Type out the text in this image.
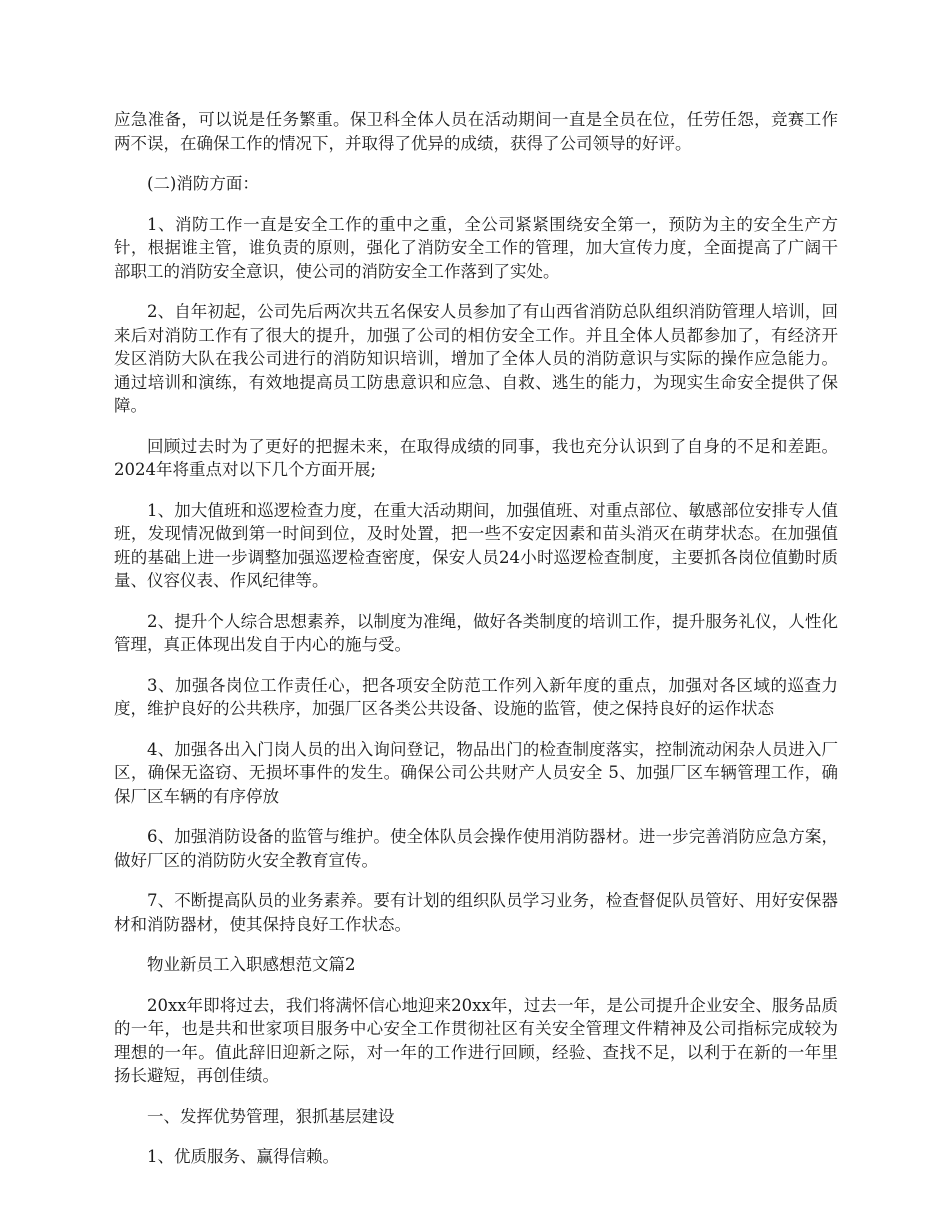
应急准备，可以说是任务繁重。保卫科全体人员在活动期间一直是全员在位，任劳任怨，竞赛工作两不误，在确保工作的情况下，并取得了优异的成绩，获得了公司领导的好评。

(二)消防方面：

1、消防工作一直是安全工作的重中之重，全公司紧紧围绕安全第一，预防为主的安全生产方针，根据谁主管，谁负责的原则，强化了消防安全工作的管理，加大宣传力度，全面提高了广阔干部职工的消防安全意识，使公司的消防安全工作落到了实处。

2、自年初起，公司先后两次共五名保安人员参加了有山西省消防总队组织消防管理人培训，回来后对消防工作有了很大的提升，加强了公司的相仿安全工作。并且全体人员都参加了，有经济开发区消防大队在我公司进行的消防知识培训，增加了全体人员的消防意识与实际的操作应急能力。通过培训和演练，有效地提高员工防患意识和应急、自救、逃生的能力，为现实生命安全提供了保障。

回顾过去时为了更好的把握未来，在取得成绩的同事，我也充分认识到了自身的不足和差距。2024年将重点对以下几个方面开展;

1、加大值班和巡逻检查力度，在重大活动期间，加强值班、对重点部位、敏感部位安排专人值班，发现情况做到第一时间到位，及时处置，把一些不安定因素和苗头消灭在萌芽状态。在加强值班的基础上进一步调整加强巡逻检查密度，保安人员24小时巡逻检查制度，主要抓各岗位值勤时质量、仪容仪表、作风纪律等。

2、提升个人综合思想素养，以制度为准绳，做好各类制度的培训工作，提升服务礼仪，人性化管理，真正体现出发自于内心的施与受。

3、加强各岗位工作责任心，把各项安全防范工作列入新年度的重点，加强对各区域的巡查力度，维护良好的公共秩序，加强厂区各类公共设备、设施的监管，使之保持良好的运作状态

4、加强各出入门岗人员的出入询问登记，物品出门的检查制度落实，控制流动闲杂人员进入厂区，确保无盗窃、无损坏事件的发生。确保公司公共财产人员安全 5、加强厂区车辆管理工作，确保厂区车辆的有序停放

6、加强消防设备的监管与维护。使全体队员会操作使用消防器材。进一步完善消防应急方案，做好厂区的消防防火安全教育宣传。

7、不断提高队员的业务素养。要有计划的组织队员学习业务，检查督促队员管好、用好安保器材和消防器材，使其保持良好工作状态。

物业新员工入职感想范文篇2

20xx年即将过去，我们将满怀信心地迎来20xx年，过去一年，是公司提升企业安全、服务品质的一年，也是共和世家项目服务中心安全工作贯彻社区有关安全管理文件精神及公司指标完成较为理想的一年。值此辞旧迎新之际，对一年的工作进行回顾，经验、查找不足，以利于在新的一年里扬长避短，再创佳绩。

一、发挥优势管理，狠抓基层建设

1、优质服务、赢得信赖。
